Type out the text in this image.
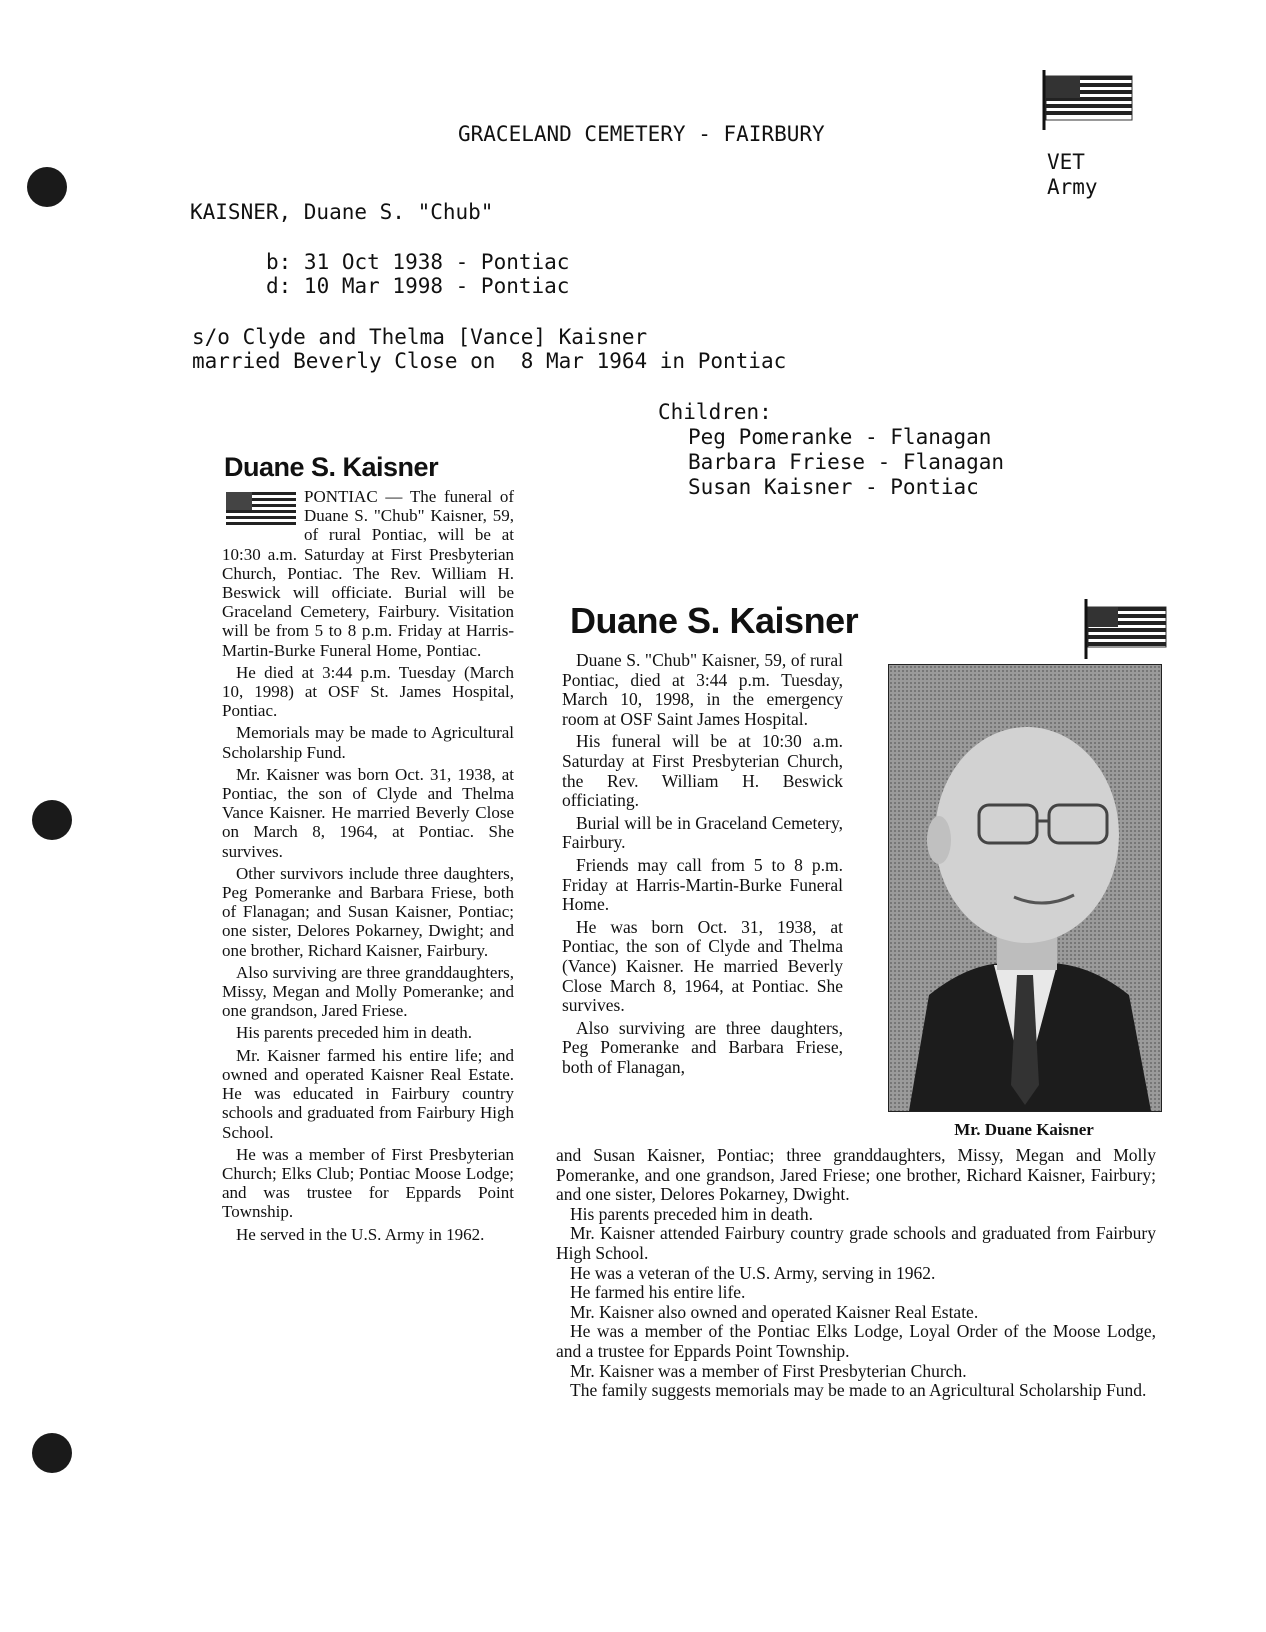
GRACELAND CEMETERY - FAIRBURY
VET
Army
KAISNER, Duane S. "Chub"
b: 31 Oct 1938 - Pontiac
d: 10 Mar 1998 - Pontiac
s/o Clyde and Thelma [Vance] Kaisner
married Beverly Close on  8 Mar 1964 in Pontiac
Children:
Peg Pomeranke - Flanagan
Barbara Friese - Flanagan
Susan Kaisner - Pontiac
Duane S. Kaisner

PONTIAC — The funeral of Duane S. "Chub" Kaisner, 59, of rural Pontiac, will be at 10:30 a.m. Saturday at First Presbyterian Church, Pontiac. The Rev. William H. Beswick will officiate. Burial will be Graceland Cemetery, Fairbury. Visitation will be from 5 to 8 p.m. Friday at Harris-Martin-Burke Funeral Home, Pontiac.

He died at 3:44 p.m. Tuesday (March 10, 1998) at OSF St. James Hospital, Pontiac.

Memorials may be made to Agricultural Scholarship Fund.

Mr. Kaisner was born Oct. 31, 1938, at Pontiac, the son of Clyde and Thelma Vance Kaisner. He married Beverly Close on March 8, 1964, at Pontiac. She survives.

Other survivors include three daughters, Peg Pomeranke and Barbara Friese, both of Flanagan; and Susan Kaisner, Pontiac; one sister, Delores Pokarney, Dwight; and one brother, Richard Kaisner, Fairbury.

Also surviving are three granddaughters, Missy, Megan and Molly Pomeranke; and one grandson, Jared Friese.

His parents preceded him in death.

Mr. Kaisner farmed his entire life; and owned and operated Kaisner Real Estate. He was educated in Fairbury country schools and graduated from Fairbury High School.

He was a member of First Presbyterian Church; Elks Club; Pontiac Moose Lodge; and was trustee for Eppards Point Township.

He served in the U.S. Army in 1962.

Duane S. Kaisner

Duane S. "Chub" Kaisner, 59, of rural Pontiac, died at 3:44 p.m. Tuesday, March 10, 1998, in the emergency room at OSF Saint James Hospital.

His funeral will be at 10:30 a.m. Saturday at First Presbyterian Church, the Rev. William H. Beswick officiating.

Burial will be in Graceland Cemetery, Fairbury.

Friends may call from 5 to 8 p.m. Friday at Harris-Martin-Burke Funeral Home.

He was born Oct. 31, 1938, at Pontiac, the son of Clyde and Thelma (Vance) Kaisner. He married Beverly Close March 8, 1964, at Pontiac. She survives.

Also surviving are three daughters, Peg Pomeranke and Barbara Friese, both of Flanagan,

Mr. Duane Kaisner

and Susan Kaisner, Pontiac; three granddaughters, Missy, Megan and Molly Pomeranke, and one grandson, Jared Friese; one brother, Richard Kaisner, Fairbury; and one sister, Delores Pokarney, Dwight.

His parents preceded him in death.

Mr. Kaisner attended Fairbury country grade schools and graduated from Fairbury High School.

He was a veteran of the U.S. Army, serving in 1962.

He farmed his entire life.

Mr. Kaisner also owned and operated Kaisner Real Estate.

He was a member of the Pontiac Elks Lodge, Loyal Order of the Moose Lodge, and a trustee for Eppards Point Township.

Mr. Kaisner was a member of First Presbyterian Church.

The family suggests memorials may be made to an Agricultural Scholarship Fund.
